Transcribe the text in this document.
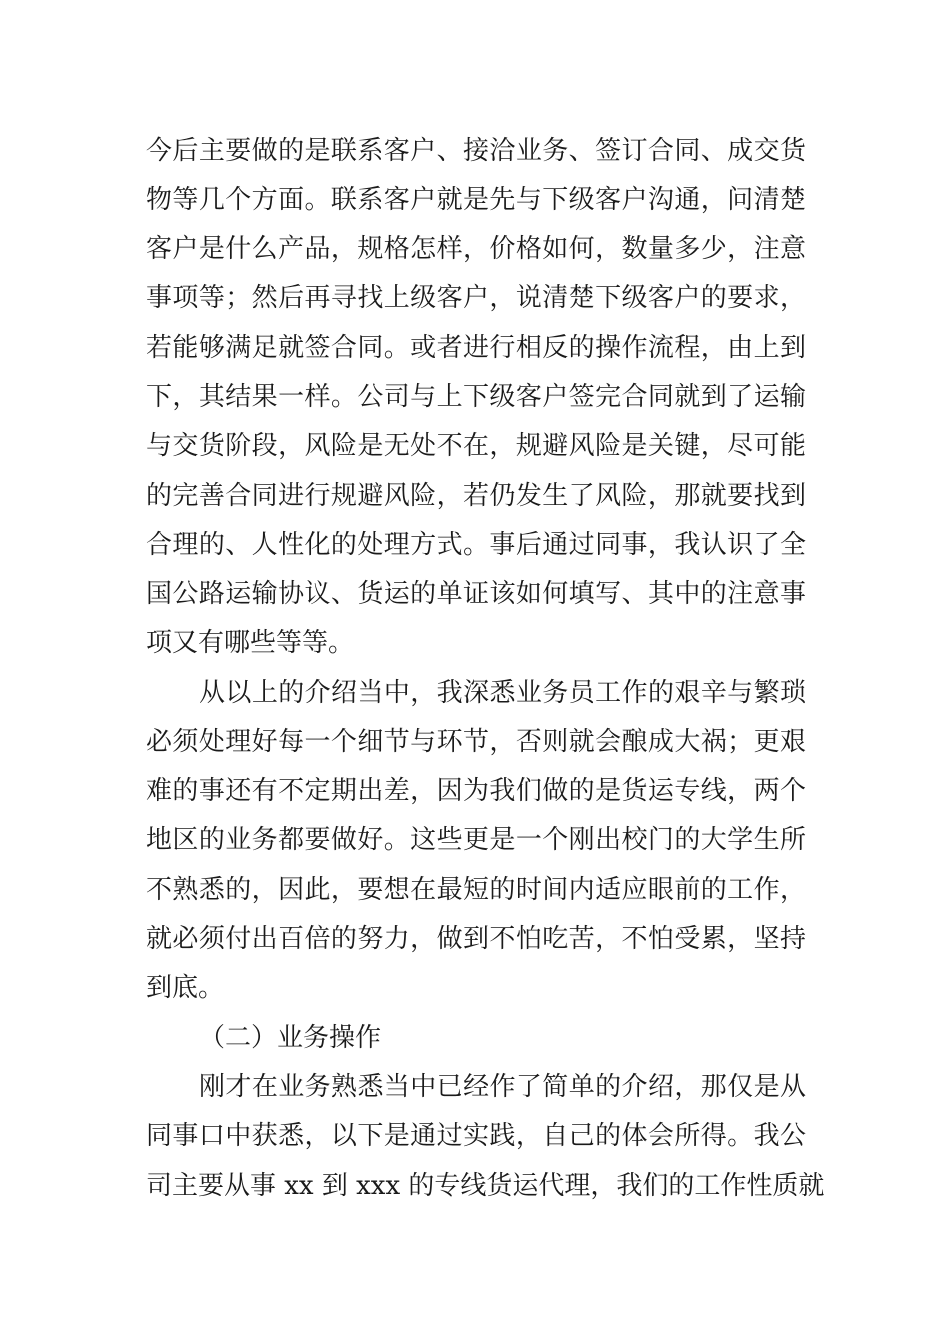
今后主要做的是联系客户、接洽业务、签订合同、成交货
物等几个方面。联系客户就是先与下级客户沟通，问清楚
客户是什么产品，规格怎样，价格如何，数量多少，注意
事项等；然后再寻找上级客户，说清楚下级客户的要求，
若能够满足就签合同。或者进行相反的操作流程，由上到
下，其结果一样。公司与上下级客户签完合同就到了运输
与交货阶段，风险是无处不在，规避风险是关键，尽可能
的完善合同进行规避风险，若仍发生了风险，那就要找到
合理的、人性化的处理方式。事后通过同事，我认识了全
国公路运输协议、货运的单证该如何填写、其中的注意事
项又有哪些等等。
从以上的介绍当中，我深悉业务员工作的艰辛与繁琐
必须处理好每一个细节与环节，否则就会酿成大祸；更艰
难的事还有不定期出差，因为我们做的是货运专线，两个
地区的业务都要做好。这些更是一个刚出校门的大学生所
不熟悉的，因此，要想在最短的时间内适应眼前的工作，
就必须付出百倍的努力，做到不怕吃苦，不怕受累，坚持
到底。
（二）业务操作
刚才在业务熟悉当中已经作了简单的介绍，那仅是从
同事口中获悉，以下是通过实践，自己的体会所得。我公
司主要从事 xx 到 xxx 的专线货运代理，我们的工作性质就
